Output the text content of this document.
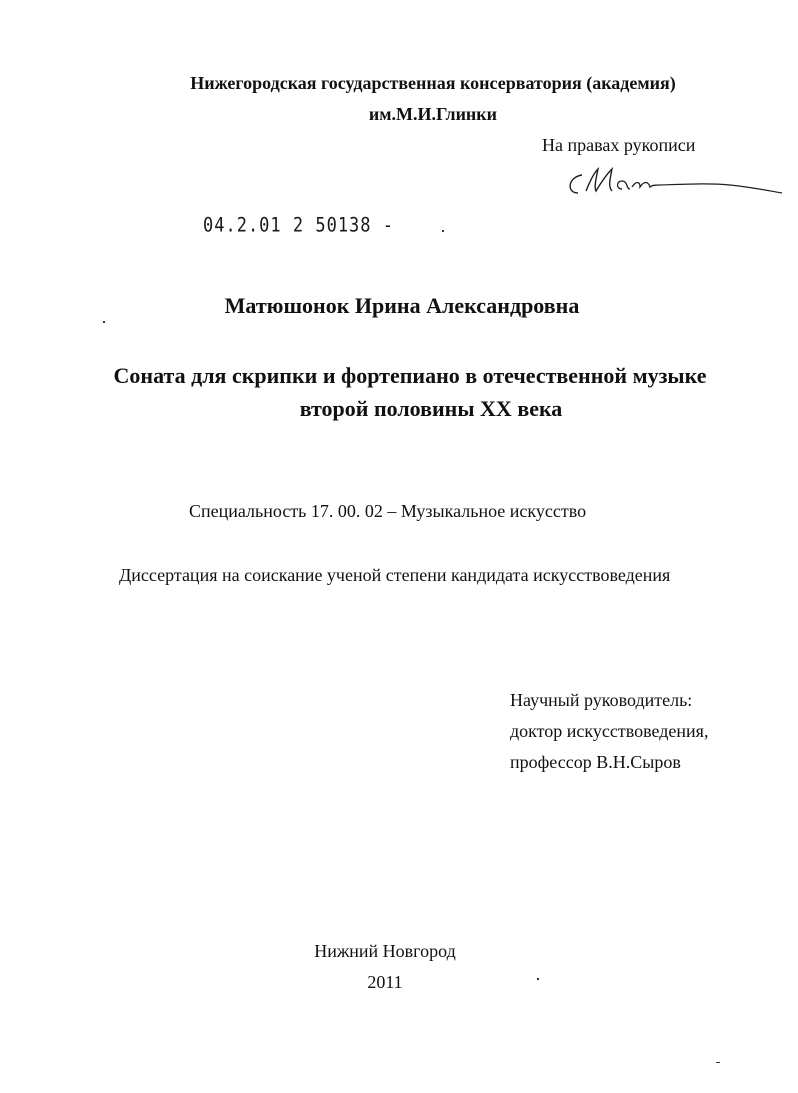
Нижегородская государственная консерватория (академия)
им.М.И.Глинки
На правах рукописи
04.2.01 2 50138 -
Матюшонок Ирина Александровна
Соната для скрипки и фортепиано в отечественной музыке
второй половины XX века
Специальность 17. 00. 02 – Музыкальное искусство
Диссертация на соискание ученой степени кандидата искусствоведения
Научный руководитель:
доктор искусствоведения,
профессор В.Н.Сыров
Нижний Новгород
2011
